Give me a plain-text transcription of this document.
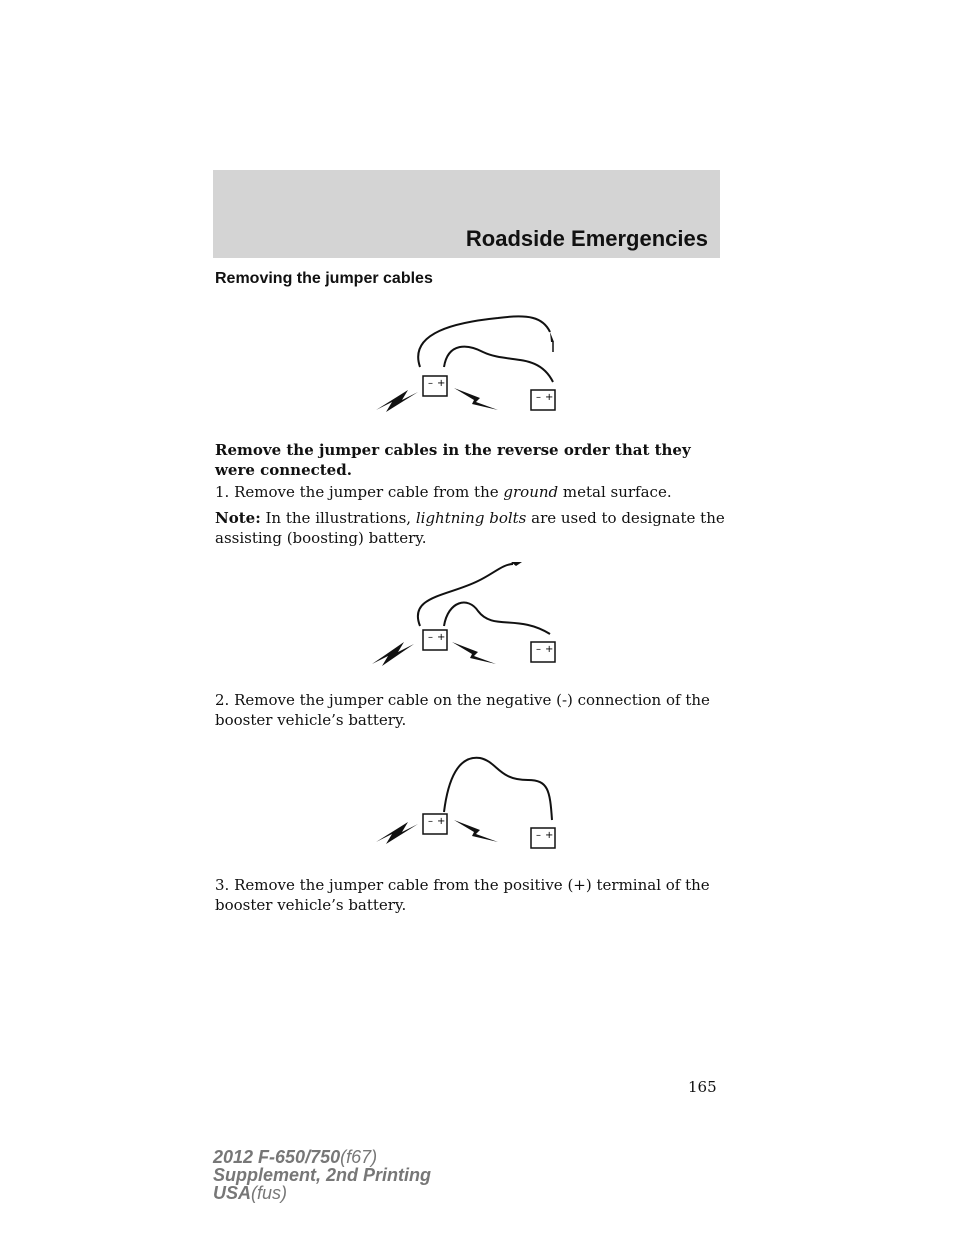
Roadside Emergencies
Removing the jumper cables
– +
– +

Remove the jumper cables in the reverse order that they were connected.

1. Remove the jumper cable from the ground metal surface.

Note: In the illustrations, lightning bolts are used to designate the assisting (boosting) battery.

– +
– +

2. Remove the jumper cable on the negative (-) connection of the booster vehicle’s battery.

– +
– +

3. Remove the jumper cable from the positive (+) terminal of the booster vehicle’s battery.

165
2012 F-650/750(f67)
Supplement, 2nd Printing
USA(fus)
